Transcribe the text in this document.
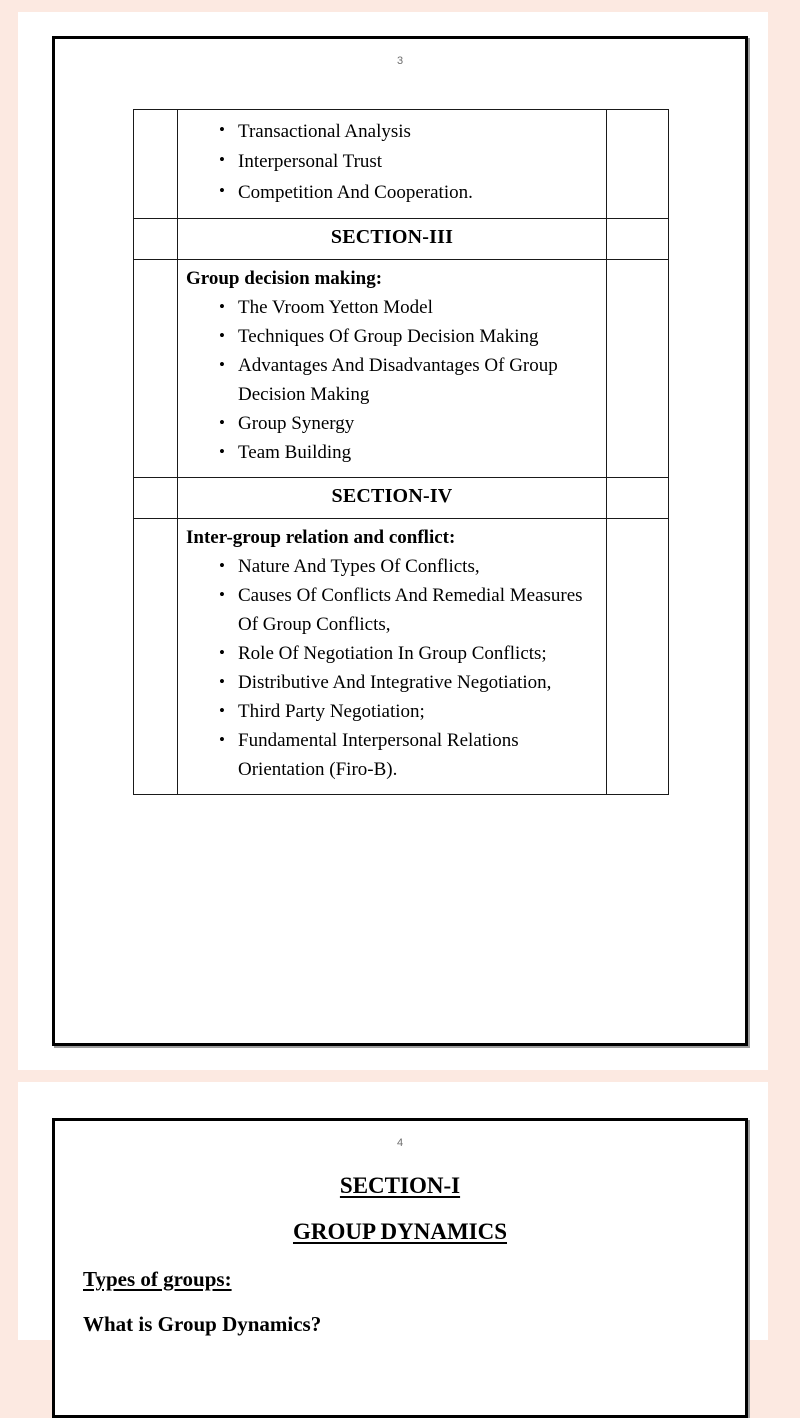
3

• Transactional Analysis
• Interpersonal Trust
• Competition And Cooperation.

	SECTION-III	

Group decision making:
• The Vroom Yetton Model
• Techniques Of Group Decision Making
• Advantages And Disadvantages Of Group Decision Making
• Group Synergy
• Team Building

	SECTION-IV	

Inter-group relation and conflict:
• Nature And Types Of Conflicts,
• Causes Of Conflicts And Remedial Measures Of Group Conflicts,
• Role Of Negotiation In Group Conflicts;
• Distributive And Integrative Negotiation,
• Third Party Negotiation;
• Fundamental Interpersonal Relations Orientation (Firo-B).

4
SECTION-I
GROUP DYNAMICS
Types of groups:
What is Group Dynamics?
